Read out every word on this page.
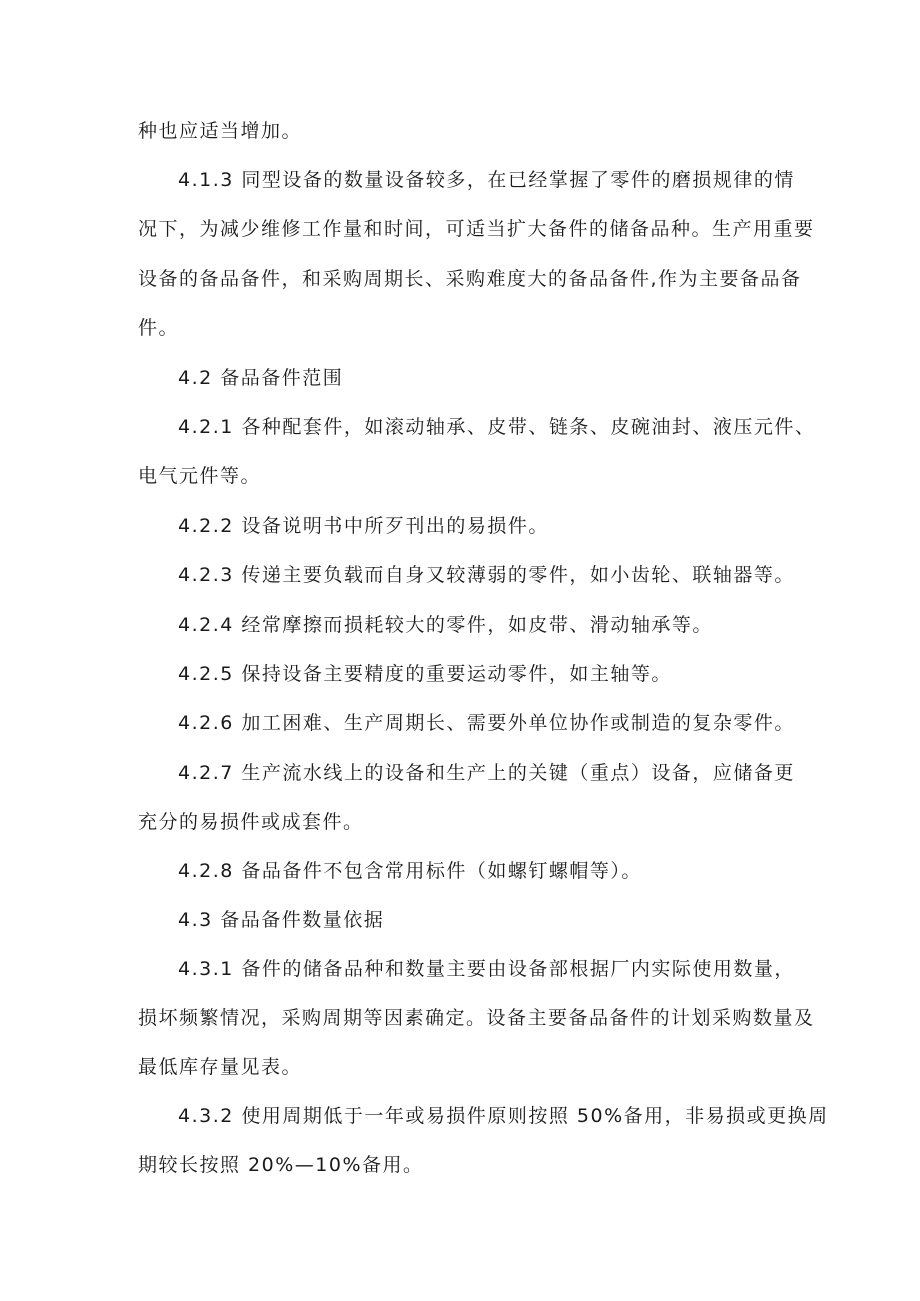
种也应适当增加。
4.1.3 同型设备的数量设备较多，在已经掌握了零件的磨损规律的情
况下，为减少维修工作量和时间，可适当扩大备件的储备品种。生产用重要
设备的备品备件，和采购周期长、采购难度大的备品备件,作为主要备品备
件。
4.2 备品备件范围
4.2.1 各种配套件，如滚动轴承、皮带、链条、皮碗油封、液压元件、
电气元件等。
4.2.2 设备说明书中所歹刊出的易损件。
4.2.3 传递主要负载而自身又较薄弱的零件，如小齿轮、联轴器等。
4.2.4 经常摩擦而损耗较大的零件，如皮带、滑动轴承等。
4.2.5 保持设备主要精度的重要运动零件，如主轴等。
4.2.6 加工困难、生产周期长、需要外单位协作或制造的复杂零件。
4.2.7 生产流水线上的设备和生产上的关键（重点）设备，应储备更
充分的易损件或成套件。
4.2.8 备品备件不包含常用标件（如螺钉螺帽等）。
4.3 备品备件数量依据
4.3.1 备件的储备品种和数量主要由设备部根据厂内实际使用数量，
损坏频繁情况，采购周期等因素确定。设备主要备品备件的计划采购数量及
最低库存量见表。
4.3.2 使用周期低于一年或易损件原则按照 50%备用，非易损或更换周
期较长按照 20%—10%备用。
